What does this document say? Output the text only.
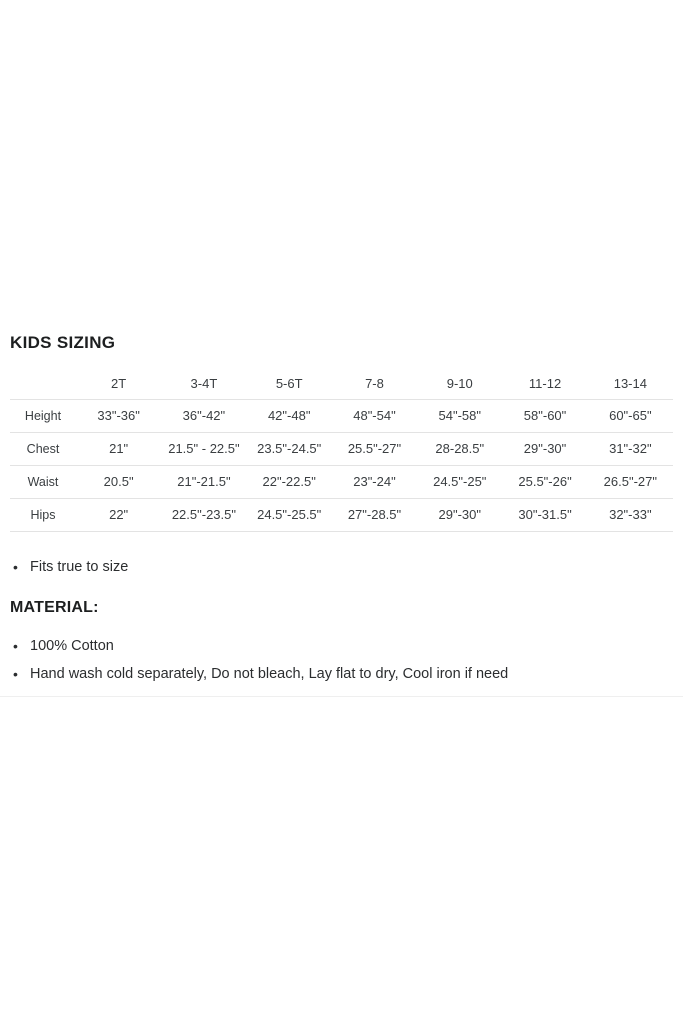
KIDS SIZING
	2T	3-4T	5-6T	7-8	9-10	11-12	13-14
Height	33"-36"	36"-42"	42"-48"	48"-54"	54"-58"	58"-60"	60"-65"
Chest	21"	21.5" - 22.5"	23.5"-24.5"	25.5"-27"	28-28.5"	29"-30"	31"-32"
Waist	20.5"	21"-21.5"	22"-22.5"	23"-24"	24.5"-25"	25.5"-26"	26.5"-27"
Hips	22"	22.5"-23.5"	24.5"-25.5"	27"-28.5"	29"-30"	30"-31.5"	32"-33"
• Fits true to size
MATERIAL:
• 100% Cotton
• Hand wash cold separately, Do not bleach, Lay flat to dry, Cool iron if need
